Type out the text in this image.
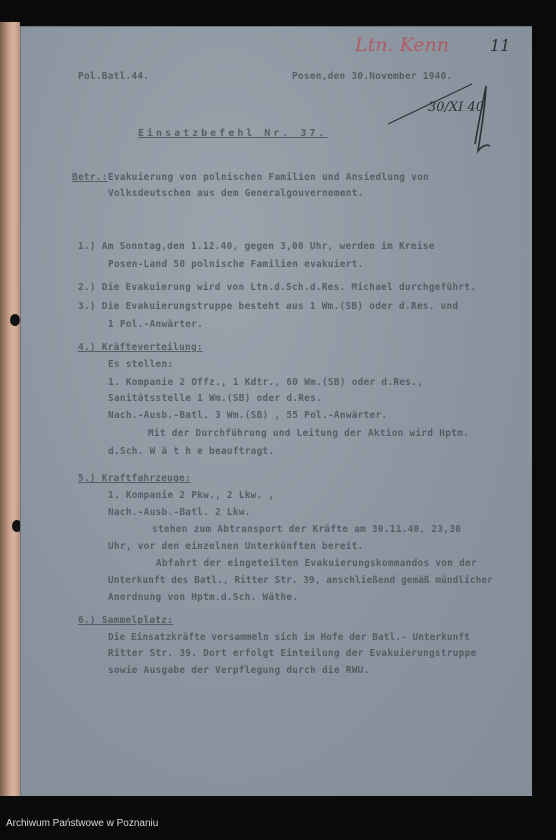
Pol.Batl.44.	Posen,den 30.November 1940.
Ltn. Kenn	11
30/XI 40
Einsatzbefehl Nr. 37.
Betr.: Evakuierung von polnischen Familien und Ansiedlung von
Volksdeutschen aus dem Generalgouvernement.
1.) Am Sonntag,den 1.12.40, gegen 3,00 Uhr, werden im Kreise
Posen-Land 50 polnische Familien evakuiert.
2.) Die Evakuierung wird von Ltn.d.Sch.d.Res. Michael durchgeführt.
3.) Die Evakuierungstruppe besteht aus 1 Wm.(SB) oder d.Res. und
1 Pol.-Anwärter.
4.) Kräfteverteilung:
Es stellen:
1. Kompanie 2 Offz., 1 Kdtr., 60 Wm.(SB) oder d.Res.,
Sanitätsstelle 1 Wm.(SB) oder d.Res.
Nach.-Ausb.-Batl. 3 Wm.(SB) , 55 Pol.-Anwärter.
Mit der Durchführung und Leitung der Aktion wird Hptm.
d.Sch. W ä t h e beauftragt.
5.) Kraftfahrzeuge:
1. Kompanie 2 Pkw., 2 Lkw. ,
Nach.-Ausb.-Batl. 2 Lkw.
stehen zum Abtransport der Kräfte am 30.11.40, 23,30
Uhr, vor den einzelnen Unterkünften bereit.
Abfahrt der eingeteilten Evakuierungskommandos von der
Unterkunft des Batl., Ritter Str. 39, anschließend gemäß mündlicher
Anordnung von Hptm.d.Sch. Wäthe.
6.) Sammelplatz:
Die Einsatzkräfte versammeln sich im Hofe der Batl.- Unterkunft
Ritter Str. 39. Dort erfolgt Einteilung der Evakuierungstruppe
sowie Ausgabe der Verpflegung durch die RWU.
Archiwum Państwowe w Poznaniu
